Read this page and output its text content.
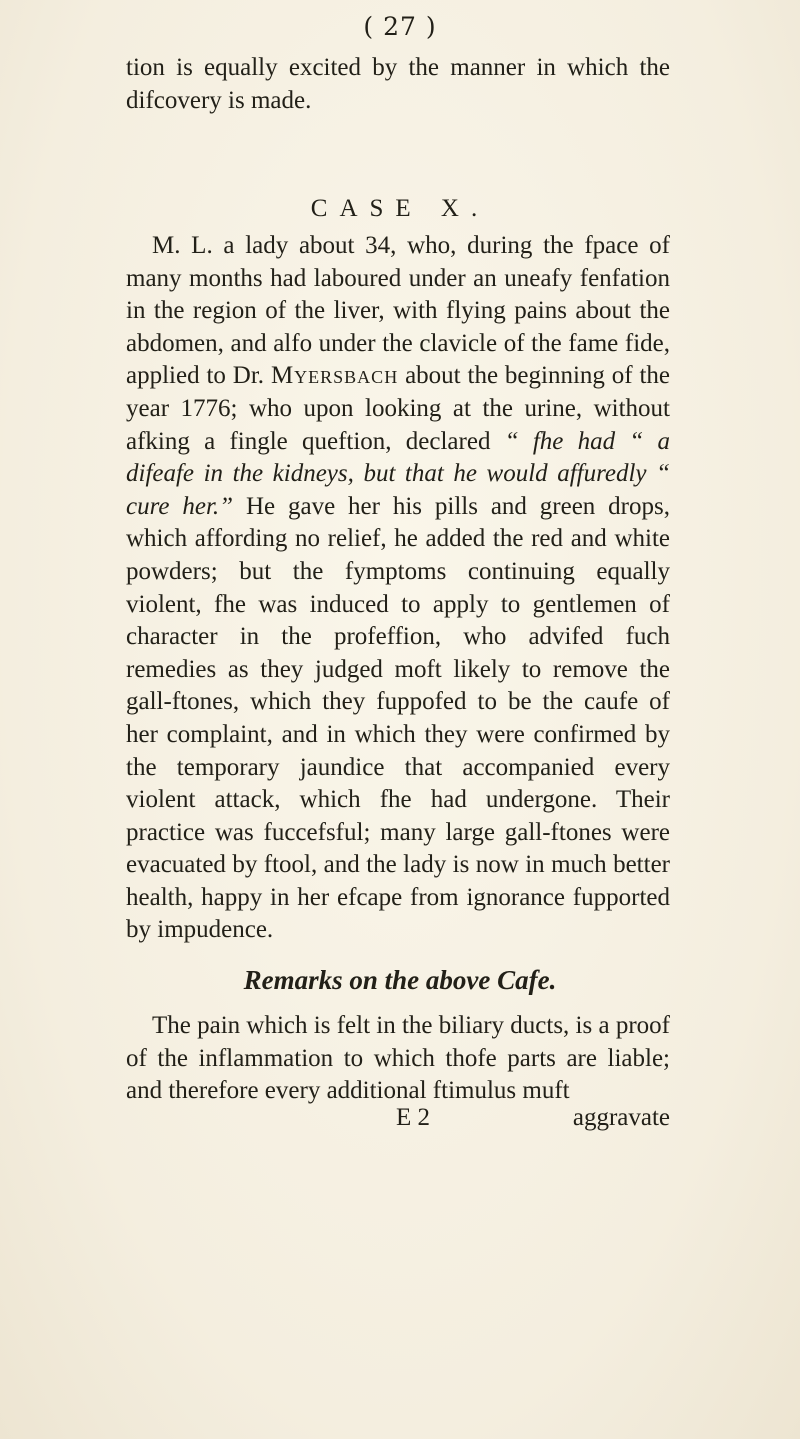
( 27 )

tion is equally excited by the manner in which the difcovery is made.

CASE X.

M. L. a lady about 34, who, during the fpace of many months had laboured under an uneafy fenfation in the region of the liver, with flying pains about the abdomen, and alfo under the clavicle of the fame fide, applied to Dr. Myersbach about the beginning of the year 1776; who upon looking at the urine, without afking a fingle queftion, declared “ fhe had “ a difeafe in the kidneys, but that he would affuredly “ cure her.” He gave her his pills and green drops, which affording no relief, he added the red and white powders; but the fymptoms continuing equally violent, fhe was induced to apply to gentlemen of character in the profeffion, who advifed fuch remedies as they judged moft likely to remove the gall-ftones, which they fuppofed to be the caufe of her complaint, and in which they were confirmed by the temporary jaundice that accompanied every violent attack, which fhe had undergone. Their practice was fuccefsful; many large gall-ftones were evacuated by ftool, and the lady is now in much better health, happy in her efcape from ignorance fupported by impudence.

Remarks on the above Cafe.

The pain which is felt in the biliary ducts, is a proof of the inflammation to which thofe parts are liable; and therefore every additional ftimulus muft

E 2	aggravate
